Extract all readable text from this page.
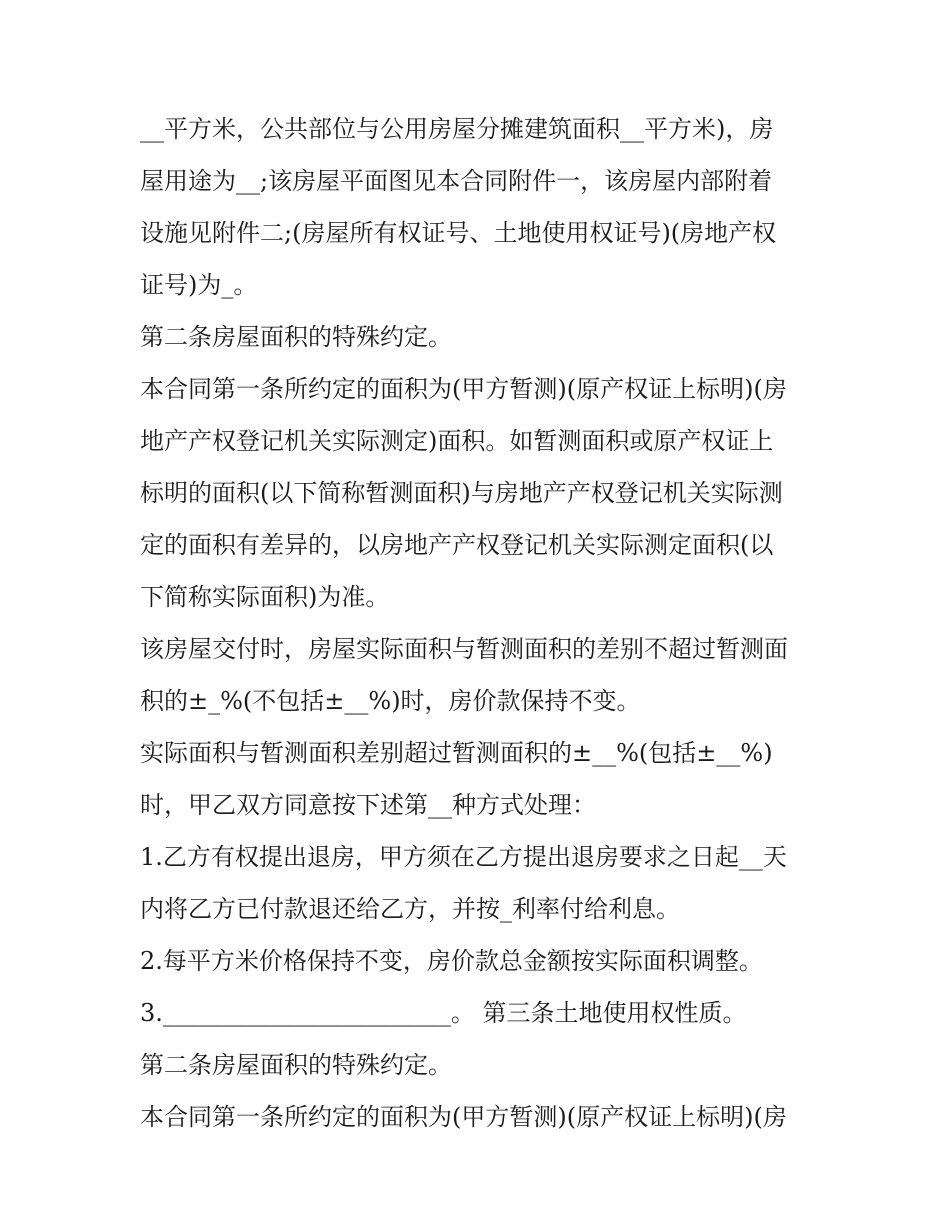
__平方米，公共部位与公用房屋分摊建筑面积__平方米)，房
屋用途为__;该房屋平面图见本合同附件一，该房屋内部附着
设施见附件二;(房屋所有权证号、土地使用权证号)(房地产权
证号)为_。
第二条房屋面积的特殊约定。
本合同第一条所约定的面积为(甲方暂测)(原产权证上标明)(房
地产产权登记机关实际测定)面积。如暂测面积或原产权证上
标明的面积(以下简称暂测面积)与房地产产权登记机关实际测
定的面积有差异的，以房地产产权登记机关实际测定面积(以
下简称实际面积)为准。
该房屋交付时，房屋实际面积与暂测面积的差别不超过暂测面
积的±_%(不包括±__%)时，房价款保持不变。
实际面积与暂测面积差别超过暂测面积的±__%(包括±__%)
时，甲乙双方同意按下述第__种方式处理：
1.乙方有权提出退房，甲方须在乙方提出退房要求之日起__天
内将乙方已付款退还给乙方，并按_利率付给利息。
2.每平方米价格保持不变，房价款总金额按实际面积调整。
3.________________________。 第三条土地使用权性质。
第二条房屋面积的特殊约定。
本合同第一条所约定的面积为(甲方暂测)(原产权证上标明)(房
